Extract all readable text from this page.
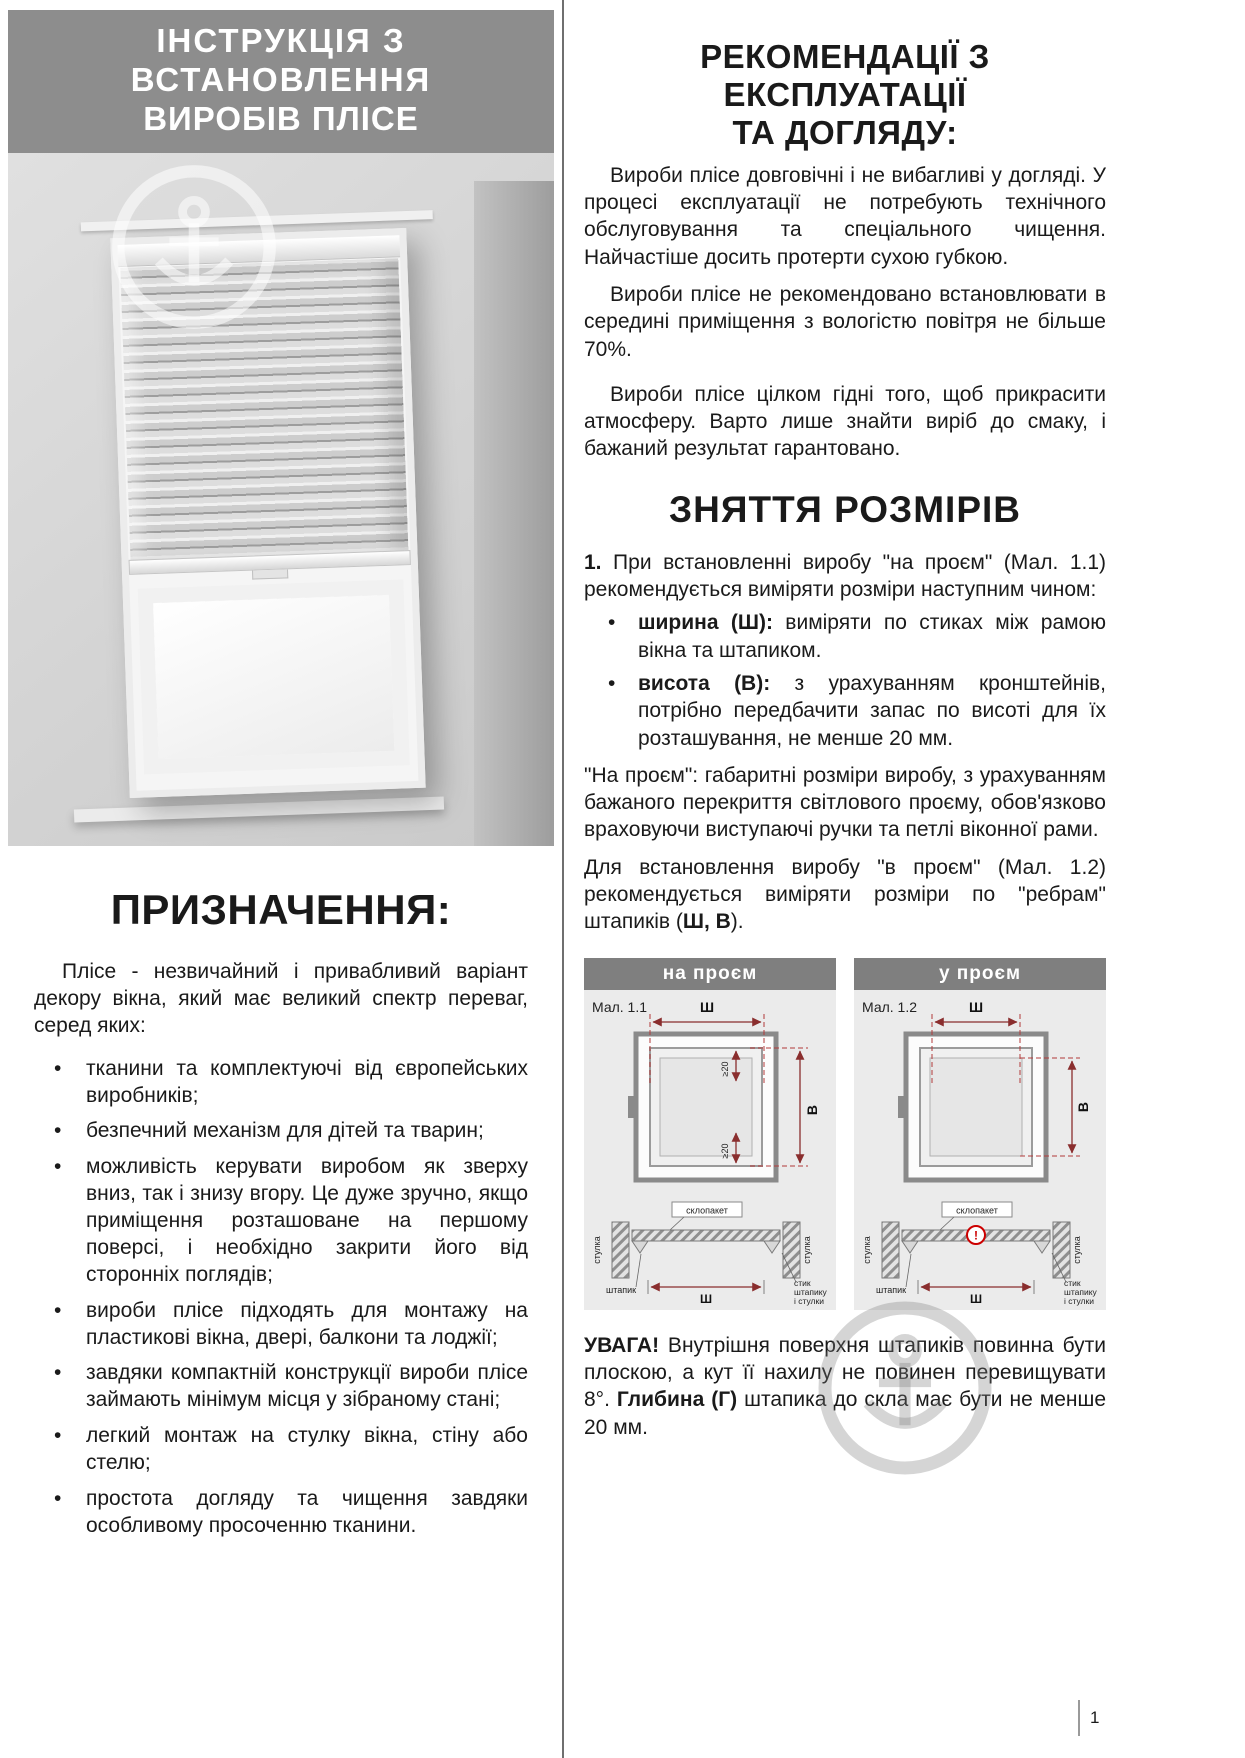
ІНСТРУКЦІЯ З ВСТАНОВЛЕННЯ
ВИРОБІВ ПЛІСЕ
ПРИЗНАЧЕННЯ:

Плісе - незвичайний і привабливий варіант декору вікна, який має великий спектр переваг, серед яких:

• тканини та комплектуючі від європейських виробників;
• безпечний механізм для дітей та тварин;
• можливість керувати виробом як зверху вниз, так і знизу вгору. Це дуже зручно, якщо приміщення розташоване на першому поверсі, і необхідно закрити його від сторонніх поглядів;
• вироби плісе підходять для монтажу на пластикові вікна, двері, балкони та лоджії;
• завдяки компактній конструкції вироби плісе займають мінімум місця у зібраному стані;
• легкий монтаж на стулку вікна, стіну або стелю;
• простота догляду та чищення завдяки особливому просоченню тканини.
РЕКОМЕНДАЦІЇ З ЕКСПЛУАТАЦІЇ
ТА ДОГЛЯДУ:

Вироби плісе довговічні і не вибагливі у догляді. У процесі експлуатації не потребують технічного обслуговування та спеціального чищення. Найчастіше досить протерти сухою губкою.

Вироби плісе не рекомендовано встановлювати в середині приміщення з вологістю повітря не більше 70%.

Вироби плісе цілком гідні того, щоб прикрасити атмосферу. Варто лише знайти виріб до смаку, і бажаний результат гарантовано.

ЗНЯТТЯ РОЗМІРІВ

1. При встановленні виробу "на проєм" (Мал. 1.1) рекомендується виміряти розміри наступним чином:

• ширина (Ш): виміряти по стиках між рамою вікна та штапиком.
• висота (В): з урахуванням кронштейнів, потрібно передбачити запас по висоті для їх розташування, не менше 20 мм.

"На проєм": габаритні розміри виробу, з урахуванням бажаного перекриття світлового проєму, обов'язково враховуючи виступаючі ручки та петлі віконної рами.

Для встановлення виробу "в проєм" (Мал. 1.2) рекомендується виміряти розміри по "ребрам" штапиків (Ш, В).

на проєм
Мал. 1.1	Ш
В
≥20
≥20
склопакет
стулка	стулка
штапик
Ш
стик
штапику
і стулки
у проєм
Мал. 1.2	Ш
В
склопакет
стулка	стулка
штапик
Ш
стик
штапику
і стулки
!

УВАГА! Внутрішня поверхня штапиків повинна бути плоскою, а кут її нахилу не повинен перевищувати 8°. Глибина (Г) штапика до скла має бути не менше 20 мм.

1
